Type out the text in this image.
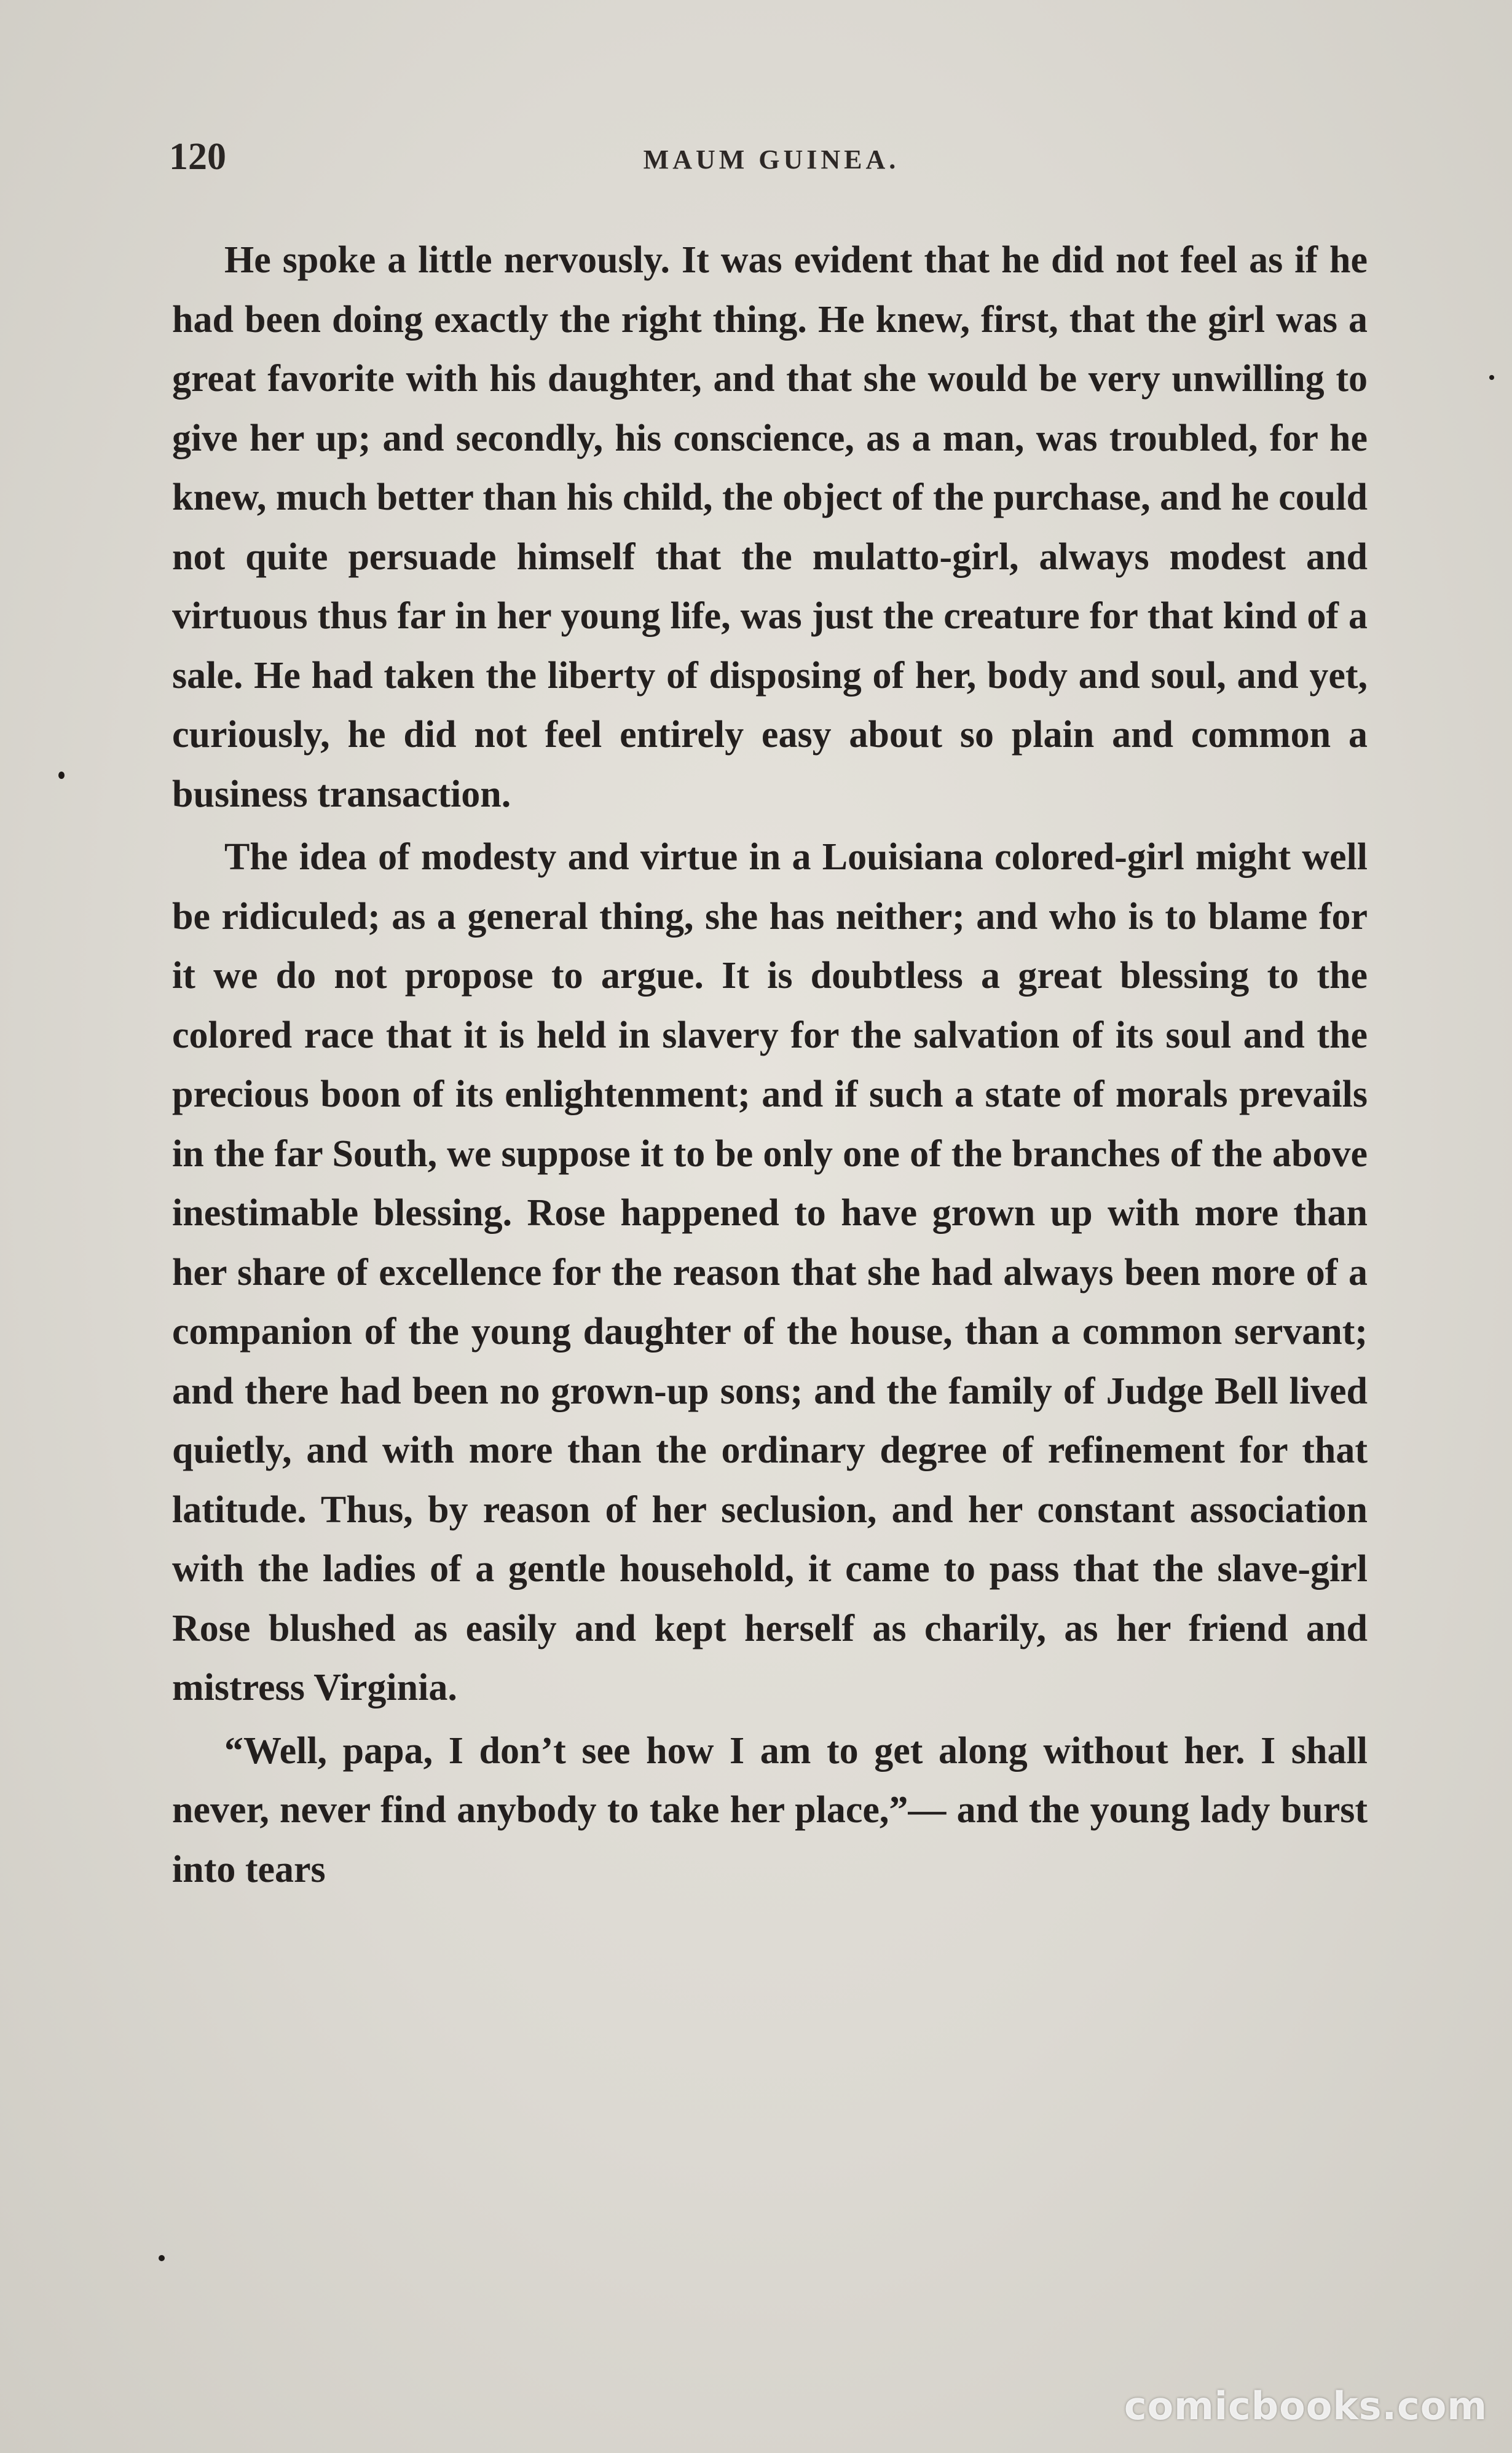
120	MAUM GUINEA.

He spoke a little nervously. It was evident that he did not feel as if he had been doing exactly the right thing. He knew, first, that the girl was a great favorite with his daughter, and that she would be very unwilling to give her up; and secondly, his conscience, as a man, was troubled, for he knew, much better than his child, the object of the purchase, and he could not quite persuade himself that the mulatto-girl, always modest and virtuous thus far in her young life, was just the creature for that kind of a sale. He had taken the liberty of disposing of her, body and soul, and yet, curiously, he did not feel entirely easy about so plain and common a business transaction.

The idea of modesty and virtue in a Louisiana colored-girl might well be ridiculed; as a general thing, she has neither; and who is to blame for it we do not propose to argue. It is doubtless a great blessing to the colored race that it is held in slavery for the salvation of its soul and the precious boon of its enlightenment; and if such a state of morals prevails in the far South, we suppose it to be only one of the branches of the above inestimable blessing. Rose happened to have grown up with more than her share of excellence for the reason that she had always been more of a companion of the young daughter of the house, than a common servant; and there had been no grown-up sons; and the family of Judge Bell lived quietly, and with more than the ordinary degree of refinement for that latitude. Thus, by reason of her seclusion, and her constant association with the ladies of a gentle household, it came to pass that the slave-girl Rose blushed as easily and kept herself as charily, as her friend and mistress Virginia.

“Well, papa, I don’t see how I am to get along without her. I shall never, never find anybody to take her place,”— and the young lady burst into tears

comicbooks.com
